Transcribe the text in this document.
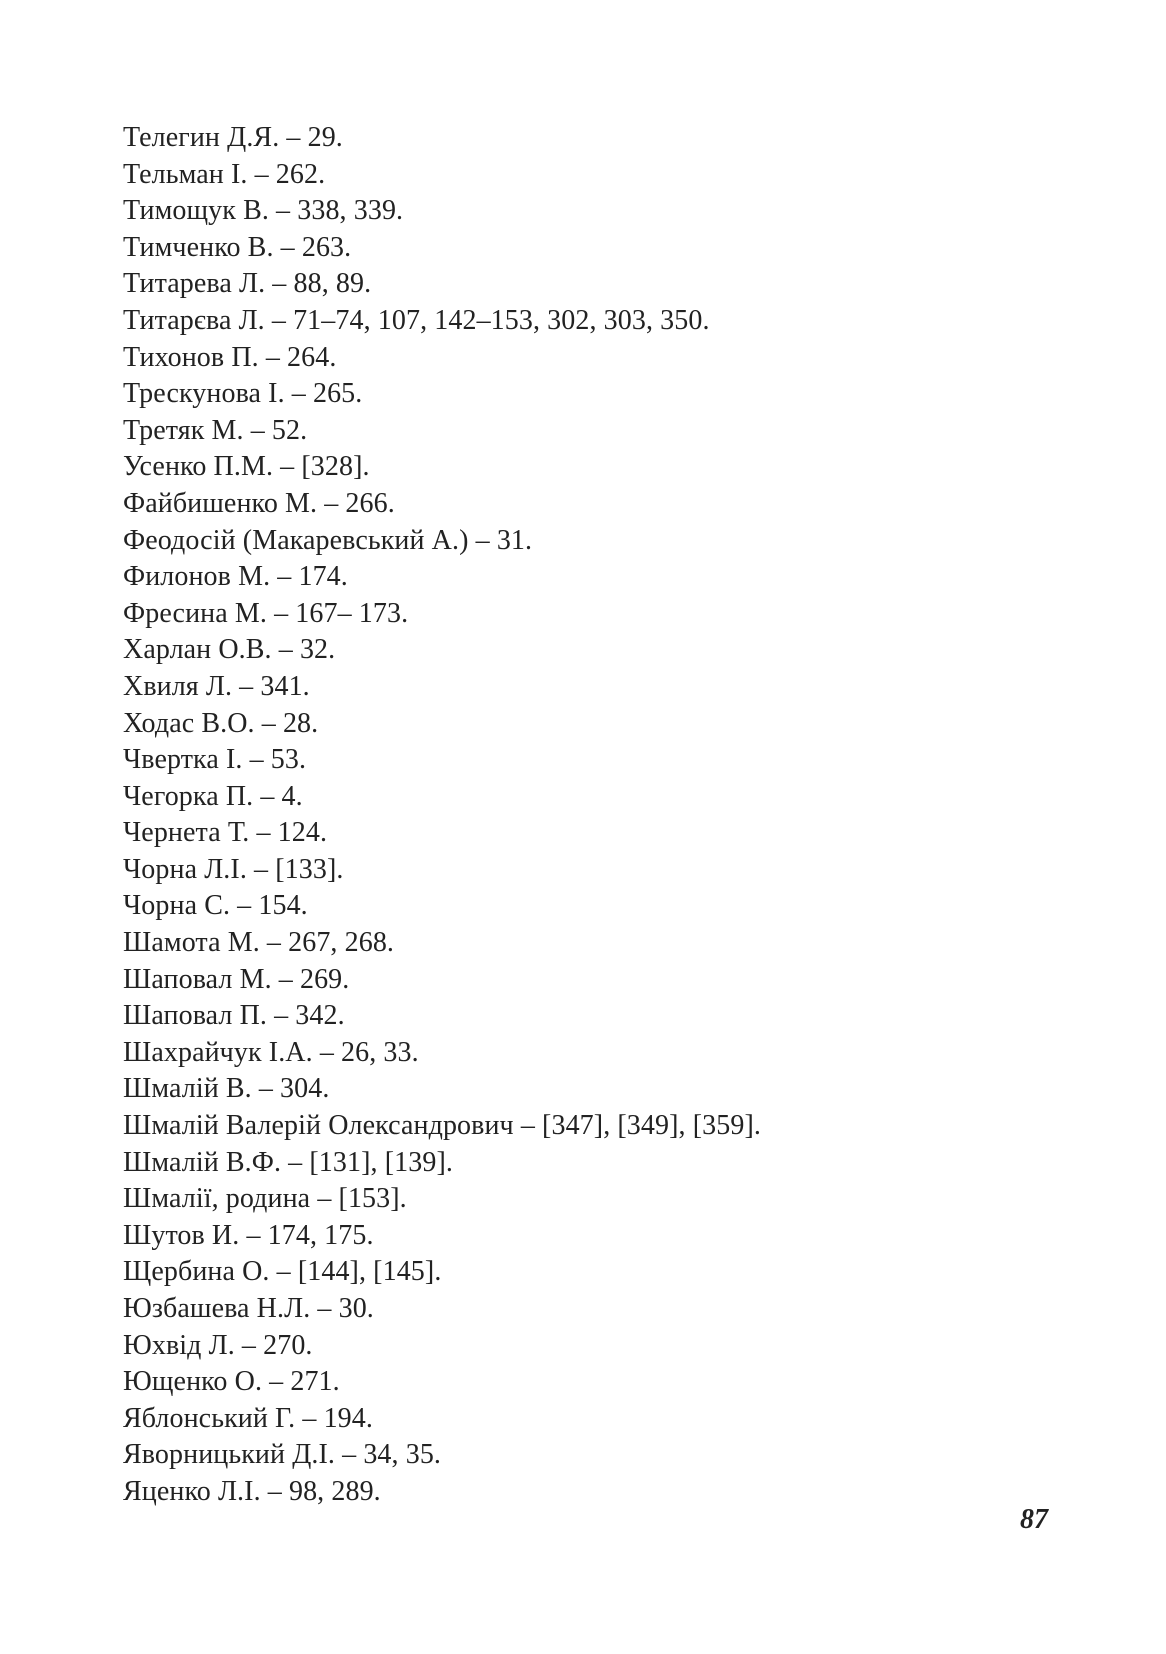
Телегин Д.Я. – 29.
Тельман І. – 262.
Тимощук В. – 338, 339.
Тимченко В. – 263.
Титарева Л. – 88, 89.
Титарєва Л. – 71–74, 107, 142–153, 302, 303, 350.
Тихонов П. – 264.
Трескунова І. – 265.
Третяк М. – 52.
Усенко П.М. – [328].
Файбишенко М. – 266.
Феодосій (Макаревський А.) – 31.
Филонов М. – 174.
Фресина М. – 167– 173.
Харлан О.В. – 32.
Хвиля Л. – 341.
Ходас В.О. – 28.
Чвертка І. – 53.
Чегорка П. – 4.
Чернета Т. – 124.
Чорна Л.І. – [133].
Чорна С. – 154.
Шамота М. – 267, 268.
Шаповал М. – 269.
Шаповал П. – 342.
Шахрайчук І.А. – 26, 33.
Шмалій В. – 304.
Шмалій Валерій Олександрович – [347], [349], [359].
Шмалій В.Ф. – [131], [139].
Шмалії, родина – [153].
Шутов И. – 174, 175.
Щербина О. – [144], [145].
Юзбашева Н.Л. – 30.
Юхвід Л. – 270.
Ющенко О. – 271.
Яблонський Г. – 194.
Яворницький Д.І. – 34, 35.
Яценко Л.І. – 98, 289.
87
